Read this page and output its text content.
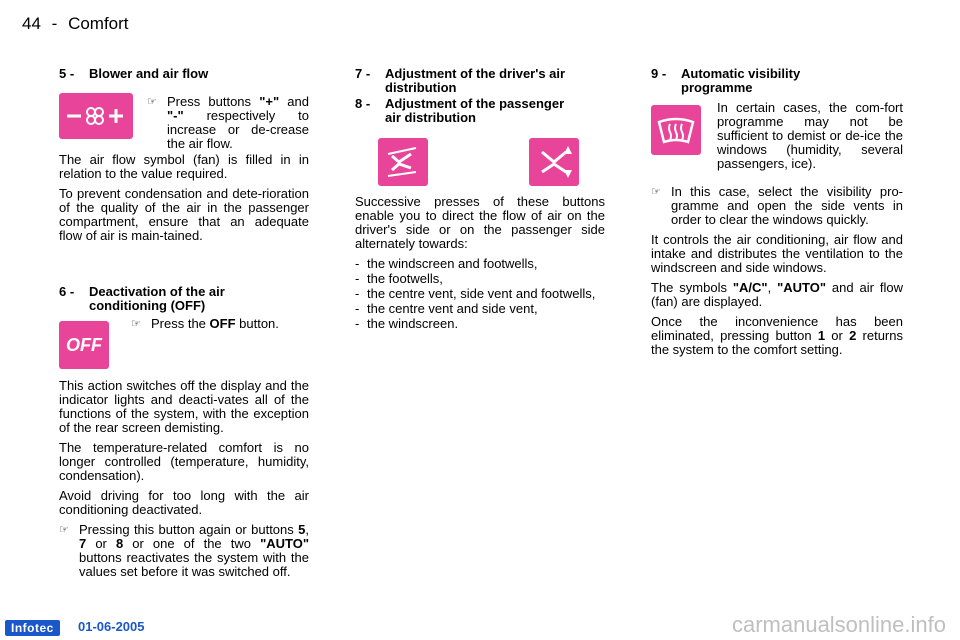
44 - Comfort
5 -	Blower and air flow
☞ Press buttons "+" and "-" respectively to increase or de-crease the air flow.

The air flow symbol (fan) is filled in in relation to the value required.

To prevent condensation and dete-rioration of the quality of the air in the passenger compartment, ensure that an adequate flow of air is main-tained.

6 -	Deactivation of the air
conditioning (OFF)
OFF
☞ Press the OFF button.

This action switches off the display and the indicator lights and deacti-vates all of the functions of the system, with the exception of the rear screen demisting.

The temperature-related comfort is no longer controlled (temperature, humidity, condensation).

Avoid driving for too long with the air conditioning deactivated.

☞ Pressing this button again or buttons 5, 7 or 8 or one of the two "AUTO" buttons reactivates the system with the values set before it was switched off.
7 -	Adjustment of the driver's air
distribution
8 -	Adjustment of the passenger
air distribution

Successive presses of these buttons enable you to direct the flow of air on the driver's side or on the passenger side alternately towards:

- the windscreen and footwells,
- the footwells,
- the centre vent, side vent and footwells,
- the centre vent and side vent,
- the windscreen.
9 -	Automatic visibility
programme

In certain cases, the com-fort programme may not be sufficient to demist or de-ice the windows (humidity, several passengers, ice).

☞ In this case, select the visibility pro-gramme and open the side vents in order to clear the windows quickly.

It controls the air conditioning, air flow and intake and distributes the ventilation to the windscreen and side windows.

The symbols "A/C", "AUTO" and air flow (fan) are displayed.

Once the inconvenience has been eliminated, pressing button 1 or 2 returns the system to the comfort setting.

Infotec	01-06-2005	carmanualsonline.info
